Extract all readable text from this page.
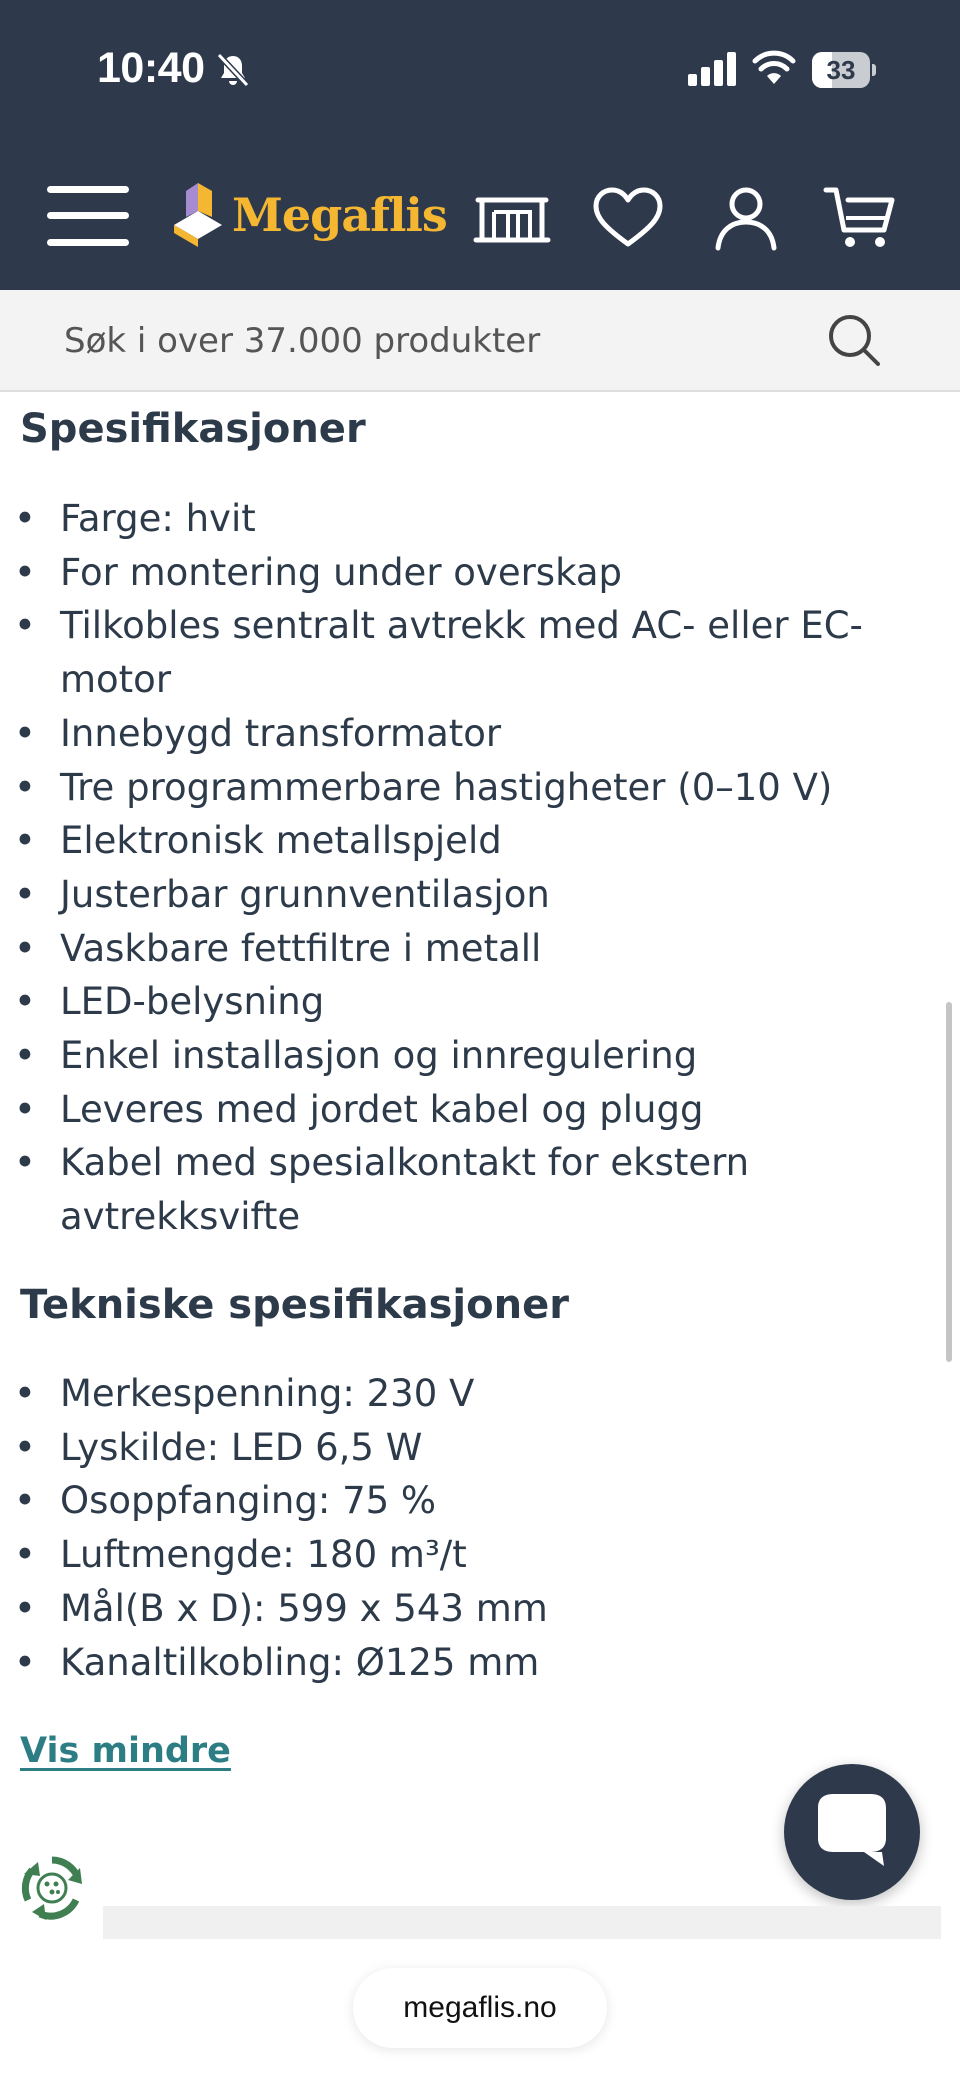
10:40	33
Megaflis
Søk i over 37.000 produkter
Spesifikasjoner
• Farge: hvit
• For montering under overskap
• Tilkobles sentralt avtrekk med AC- eller EC-motor
• Innebygd transformator
• Tre programmerbare hastigheter (0–10 V)
• Elektronisk metallspjeld
• Justerbar grunnventilasjon
• Vaskbare fettfiltre i metall
• LED-belysning
• Enkel installasjon og innregulering
• Leveres med jordet kabel og plugg
• Kabel med spesialkontakt for ekstern avtrekksvifte
Tekniske spesifikasjoner
• Merkespenning: 230 V
• Lyskilde: LED 6,5 W
• Osoppfanging: 75 %
• Luftmengde: 180 m³/t
• Mål(B x D): 599 x 543 mm
• Kanaltilkobling: Ø125 mm
Vis mindre
megaflis.no
